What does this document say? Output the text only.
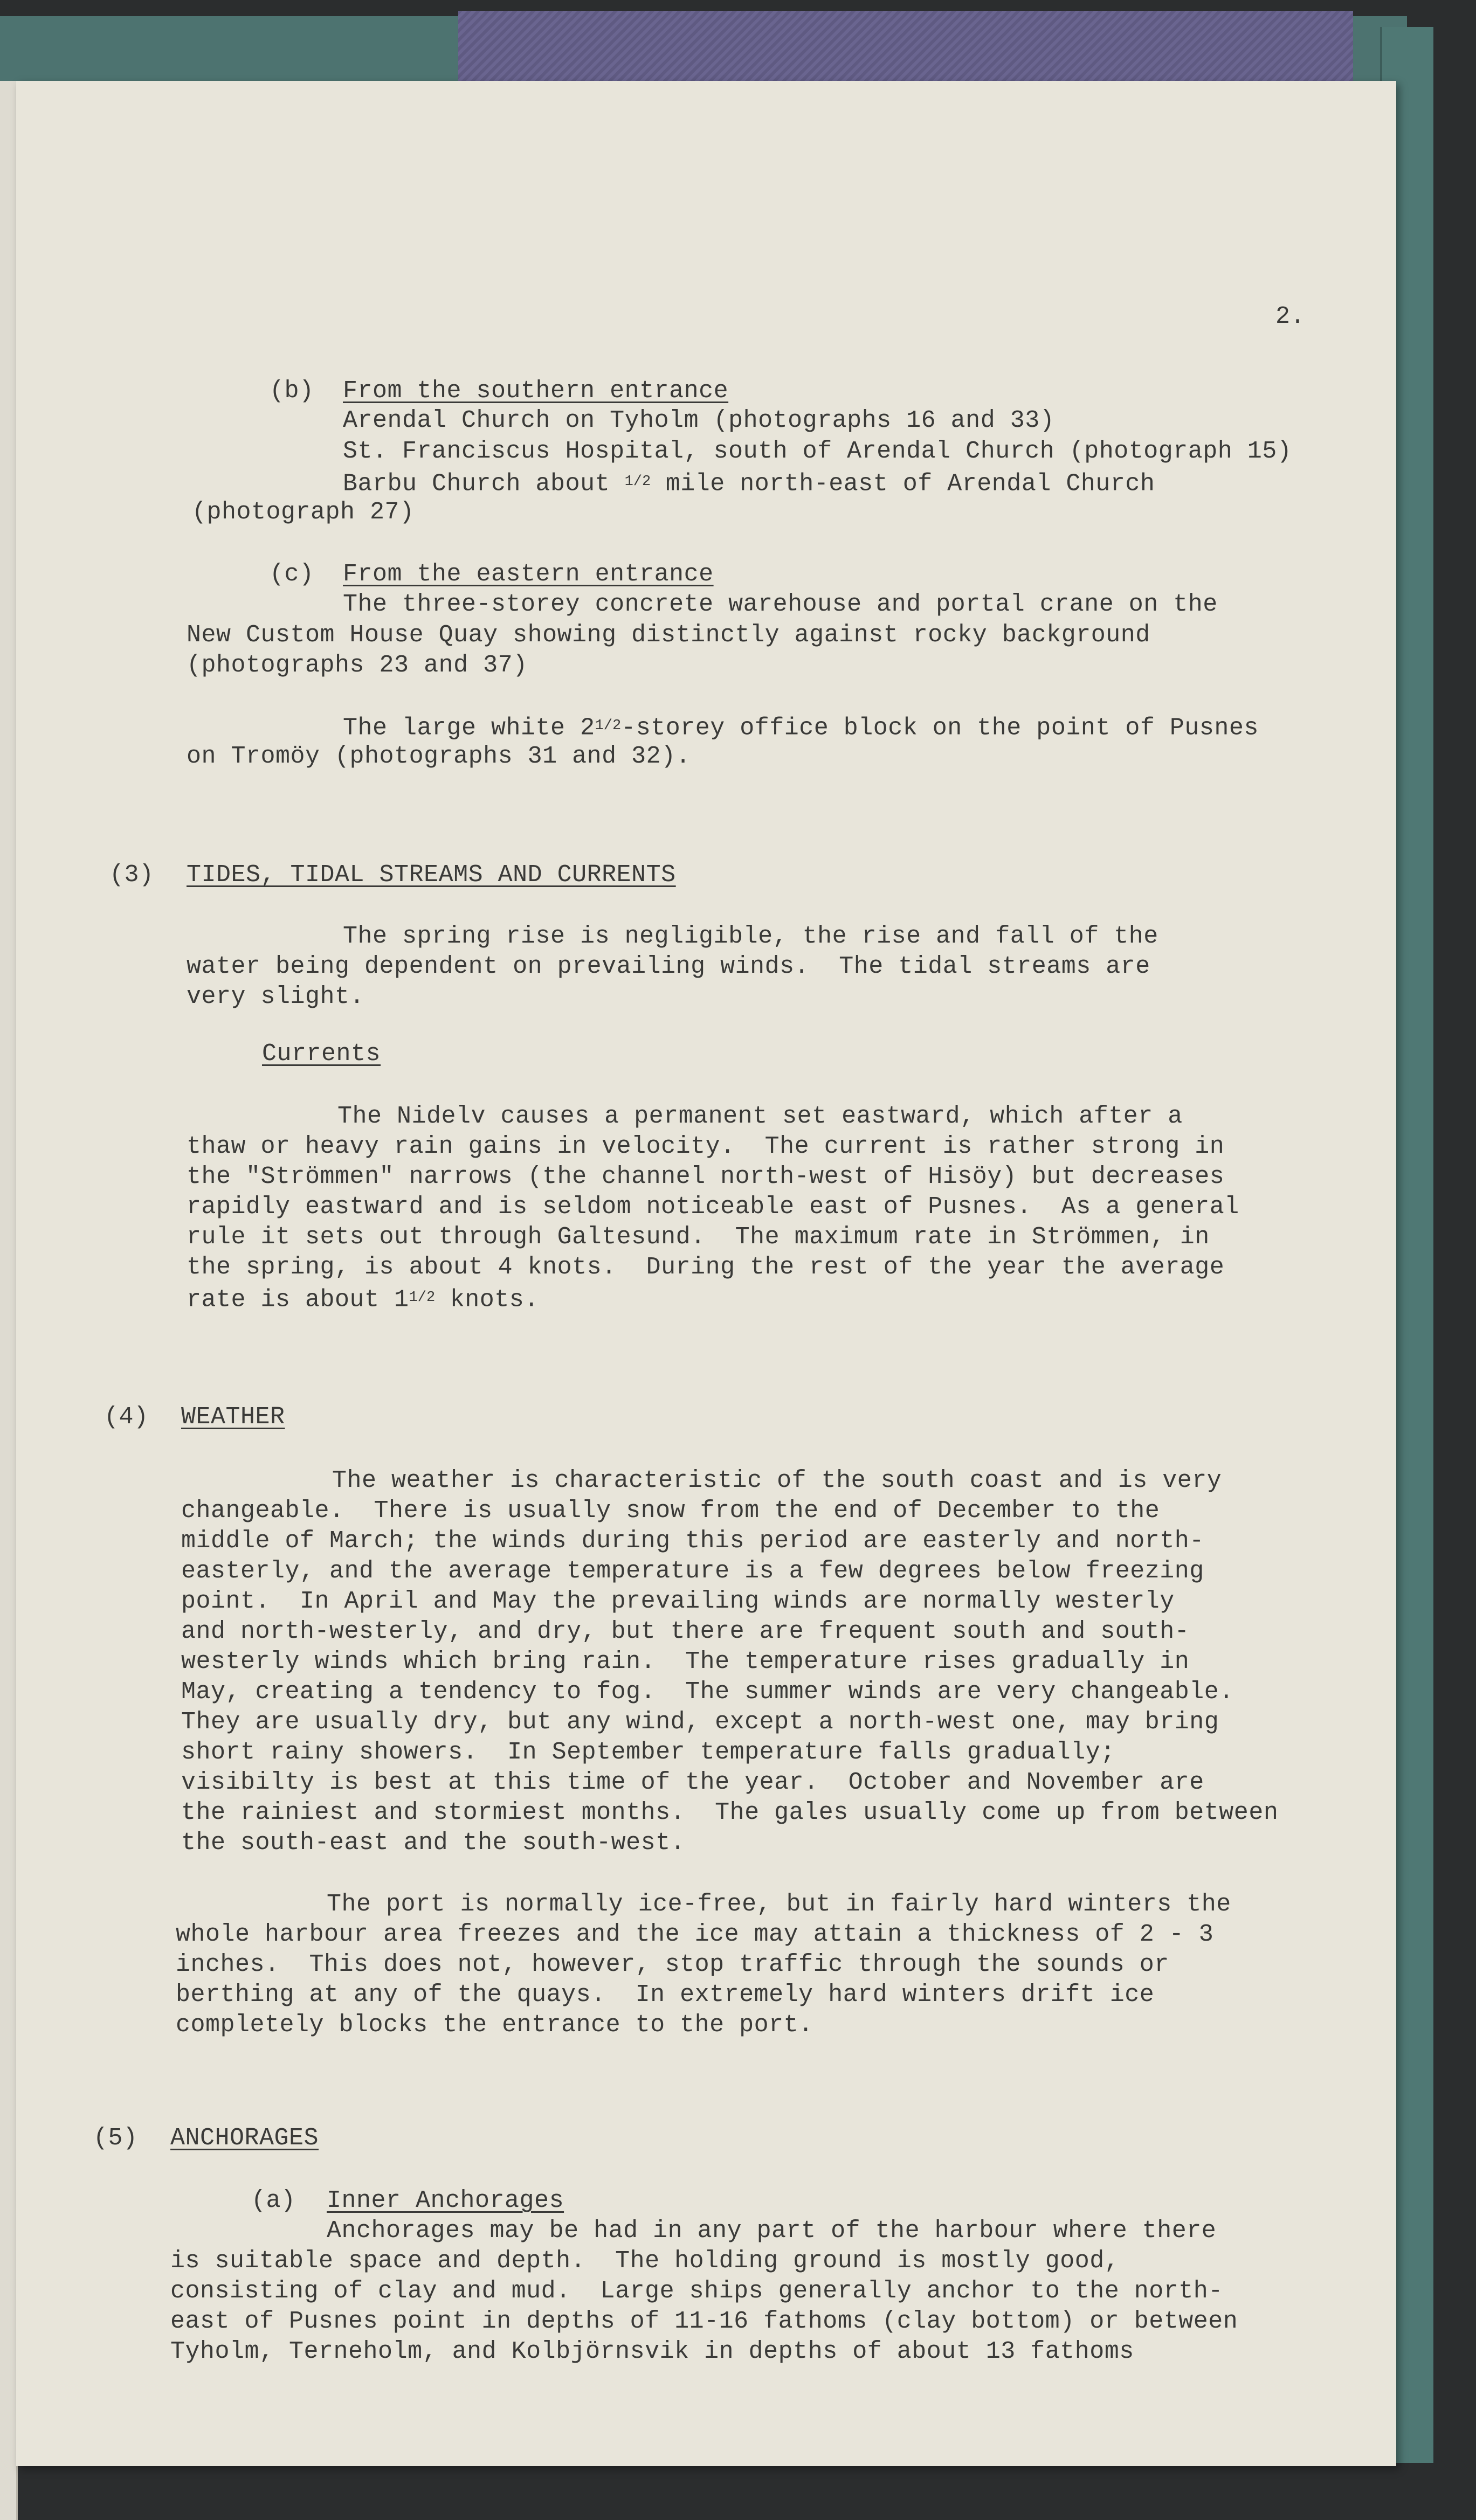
2.
(b) From the southern entrance
Arendal Church on Tyholm (photographs 16 and 33)
St. Franciscus Hospital, south of Arendal Church (photograph 15)
Barbu Church about $^{1/2}$ mile north-east of Arendal Church
(photograph 27)
(c) From the eastern entrance
The three-storey concrete warehouse and portal crane on the
New Custom House Quay showing distinctly against rocky background
(photographs 23 and 37)
The large white $2^{1/2}$-storey office block on the point of Pusnes
on Tromöy (photographs 31 and 32).
(3) TIDES, TIDAL STREAMS AND CURRENTS
The spring rise is negligible, the rise and fall of the
water being dependent on prevailing winds.  The tidal streams are
very slight.
Currents
The Nidelv causes a permanent set eastward, which after a
thaw or heavy rain gains in velocity.  The current is rather strong in
the "Strömmen" narrows (the channel north-west of Hisöy) but decreases
rapidly eastward and is seldom noticeable east of Pusnes.  As a general
rule it sets out through Galtesund.  The maximum rate in Strömmen, in
the spring, is about 4 knots.  During the rest of the year the average
rate is about $1^{1/2}$ knots.
(4) WEATHER
The weather is characteristic of the south coast and is very
changeable.  There is usually snow from the end of December to the
middle of March; the winds during this period are easterly and north-
easterly, and the average temperature is a few degrees below freezing
point.  In April and May the prevailing winds are normally westerly
and north-westerly, and dry, but there are frequent south and south-
westerly winds which bring rain.  The temperature rises gradually in
May, creating a tendency to fog.  The summer winds are very changeable.
They are usually dry, but any wind, except a north-west one, may bring
short rainy showers.  In September temperature falls gradually;
visibilty is best at this time of the year.  October and November are
the rainiest and stormiest months.  The gales usually come up from between
the south-east and the south-west.
The port is normally ice-free, but in fairly hard winters the
whole harbour area freezes and the ice may attain a thickness of 2 - 3
inches.  This does not, however, stop traffic through the sounds or
berthing at any of the quays.  In extremely hard winters drift ice
completely blocks the entrance to the port.
(5) ANCHORAGES
(a) Inner Anchorages
Anchorages may be had in any part of the harbour where there
is suitable space and depth.  The holding ground is mostly good,
consisting of clay and mud.  Large ships generally anchor to the north-
east of Pusnes point in depths of 11-16 fathoms (clay bottom) or between
Tyholm, Terneholm, and Kolbjörnsvik in depths of about 13 fathoms
